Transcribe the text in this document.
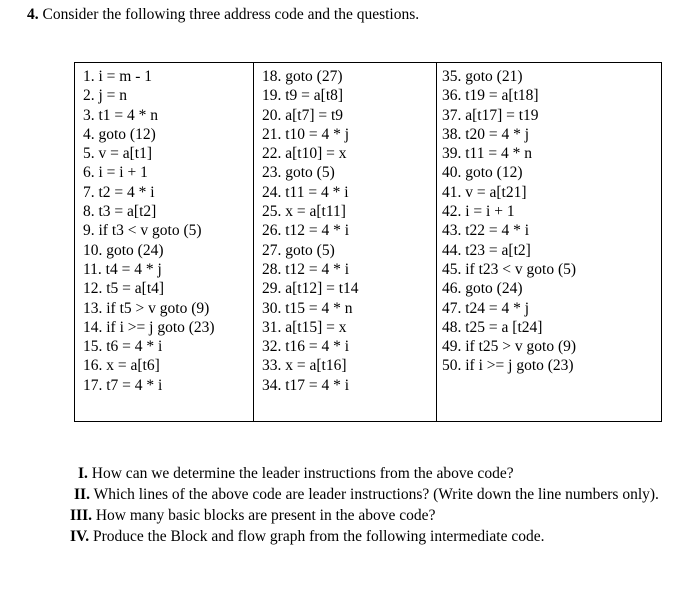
4. Consider the following three address code and the questions.
1. i = m - 1
2. j = n
3. t1 = 4 * n
4. goto (12)
5. v = a[t1]
6. i = i + 1
7. t2 = 4 * i
8. t3 = a[t2]
9. if t3 < v goto (5)
10. goto (24)
11. t4 = 4 * j
12. t5 = a[t4]
13. if t5 > v goto (9)
14. if i >= j goto (23)
15. t6 = 4 * i
16. x = a[t6]
17. t7 = 4 * i
18. goto (27)
19. t9 = a[t8]
20. a[t7] = t9
21. t10 = 4 * j
22. a[t10] = x
23. goto (5)
24. t11 = 4 * i
25. x = a[t11]
26. t12 = 4 * i
27. goto (5)
28. t12 = 4 * i
29. a[t12] = t14
30. t15 = 4 * n
31. a[t15] = x
32. t16 = 4 * i
33. x = a[t16]
34. t17 = 4 * i
35. goto (21)
36. t19 = a[t18]
37. a[t17] = t19
38. t20 = 4 * j
39. t11 = 4 * n
40. goto (12)
41. v = a[t21]
42. i = i + 1
43. t22 = 4 * i
44. t23 = a[t2]
45. if t23 < v goto (5)
46. goto (24)
47. t24 = 4 * j
48. t25 = a [t24]
49. if t25 > v goto (9)
50. if i >= j goto (23)
I. How can we determine the leader instructions from the above code?
II. Which lines of the above code are leader instructions? (Write down the line numbers only).
III. How many basic blocks are present in the above code?
IV. Produce the Block and flow graph from the following intermediate code.
